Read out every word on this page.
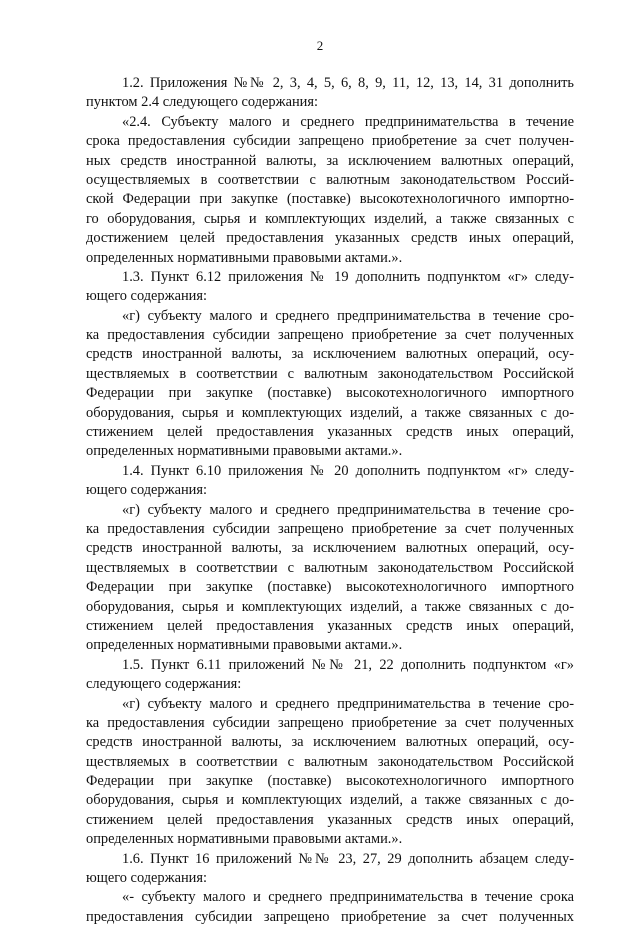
2
1.2. Приложения №№ 2, 3, 4, 5, 6, 8, 9, 11, 12, 13, 14, 31 дополнить
пунктом 2.4 следующего содержания:
«2.4. Субъекту малого и среднего предпринимательства в течение
срока предоставления субсидии запрещено приобретение за счет получен-
ных средств иностранной валюты, за исключением валютных операций,
осуществляемых в соответствии с валютным законодательством Россий-
ской Федерации при закупке (поставке) высокотехнологичного импортно-
го оборудования, сырья и комплектующих изделий, а также связанных с
достижением целей предоставления указанных средств иных операций,
определенных нормативными правовыми актами.».
1.3. Пункт 6.12 приложения № 19 дополнить подпунктом «г» следу-
ющего содержания:
«г) субъекту малого и среднего предпринимательства в течение сро-
ка предоставления субсидии запрещено приобретение за счет полученных
средств иностранной валюты, за исключением валютных операций, осу-
ществляемых в соответствии с валютным законодательством Российской
Федерации при закупке (поставке) высокотехнологичного импортного
оборудования, сырья и комплектующих изделий, а также связанных с до-
стижением целей предоставления указанных средств иных операций,
определенных нормативными правовыми актами.».
1.4. Пункт 6.10 приложения № 20 дополнить подпунктом «г» следу-
ющего содержания:
«г) субъекту малого и среднего предпринимательства в течение сро-
ка предоставления субсидии запрещено приобретение за счет полученных
средств иностранной валюты, за исключением валютных операций, осу-
ществляемых в соответствии с валютным законодательством Российской
Федерации при закупке (поставке) высокотехнологичного импортного
оборудования, сырья и комплектующих изделий, а также связанных с до-
стижением целей предоставления указанных средств иных операций,
определенных нормативными правовыми актами.».
1.5. Пункт 6.11 приложений №№ 21, 22 дополнить подпунктом «г»
следующего содержания:
«г) субъекту малого и среднего предпринимательства в течение сро-
ка предоставления субсидии запрещено приобретение за счет полученных
средств иностранной валюты, за исключением валютных операций, осу-
ществляемых в соответствии с валютным законодательством Российской
Федерации при закупке (поставке) высокотехнологичного импортного
оборудования, сырья и комплектующих изделий, а также связанных с до-
стижением целей предоставления указанных средств иных операций,
определенных нормативными правовыми актами.».
1.6. Пункт 16 приложений №№ 23, 27, 29 дополнить абзацем следу-
ющего содержания:
«- субъекту малого и среднего предпринимательства в течение срока
предоставления субсидии запрещено приобретение за счет полученных
